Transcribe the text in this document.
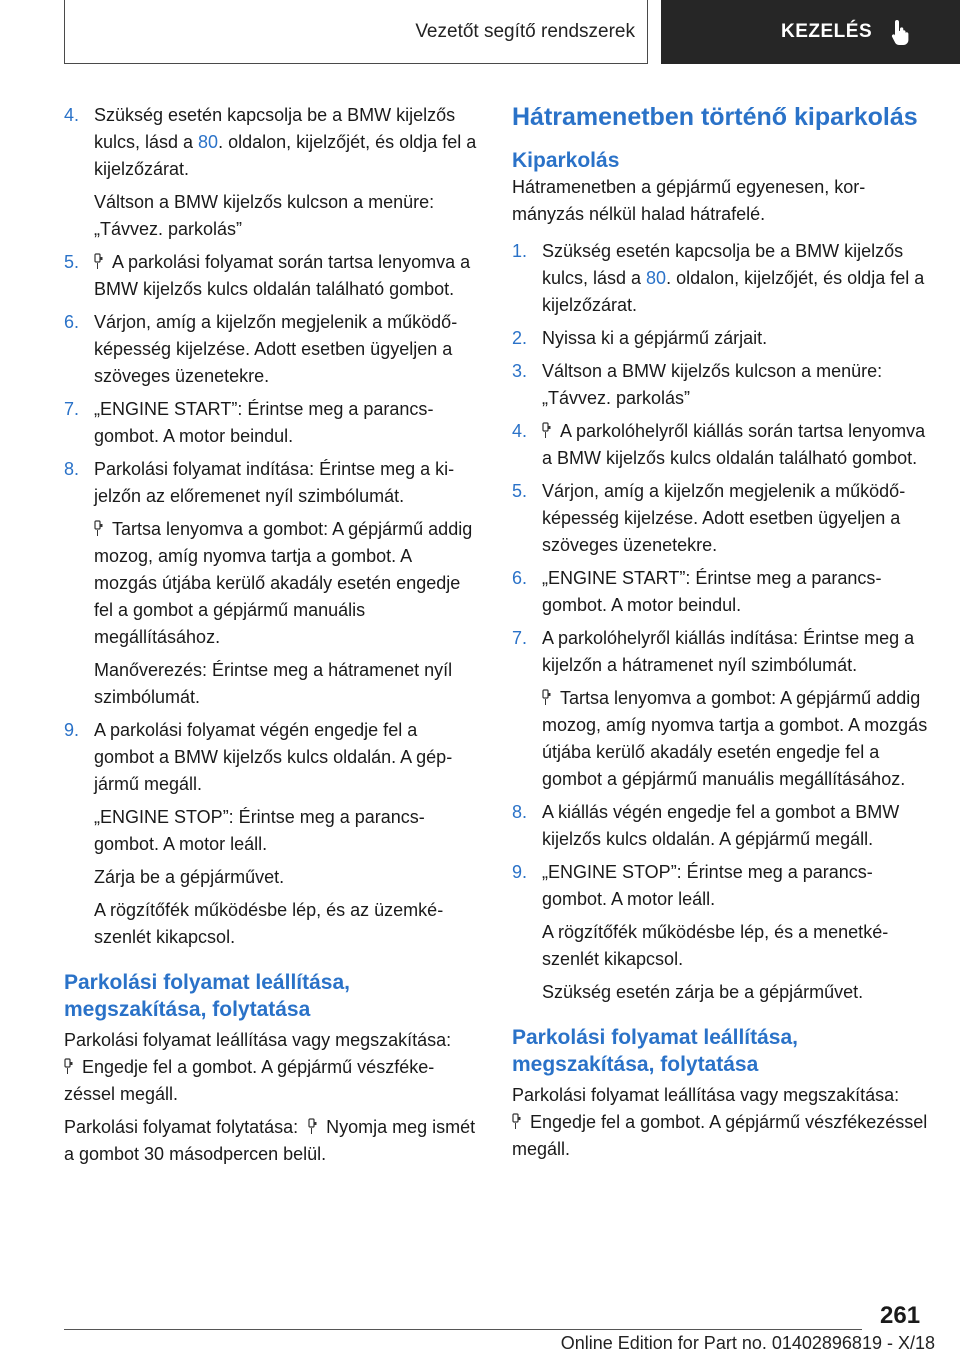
Vezetőt segítő rendszerek	KEZELÉS
4. Szükség esetén kapcsolja be a BMW kijelzős kulcs, lásd a 80. oldalon, kijelzőjét, és oldja fel a kijelzőzárat.

Váltson a BMW kijelzős kulcson a menüre: „Távvez. parkolás”

5.	A parkolási folyamat során tartsa lenyomva a BMW kijelzős kulcs oldalán található gombot.

6. Várjon, amíg a kijelzőn megjelenik a működőképesség kijelzése. Adott esetben ügyeljen a szöveges üzenetekre.

7. „ENGINE START”: Érintse meg a parancsgombot. A motor beindul.

8. Parkolási folyamat indítása: Érintse meg a kijelzőn az előremenet nyíl szimbólumát.

Tartsa lenyomva a gombot: A gépjármű addig mozog, amíg nyomva tartja a gombot. A mozgás útjába kerülő akadály esetén engedje fel a gombot a gépjármű manuális megállításához.

Manőverezés: Érintse meg a hátramenet nyíl szimbólumát.

9. A parkolási folyamat végén engedje fel a gombot a BMW kijelzős kulcs oldalán. A gépjármű megáll.

„ENGINE STOP”: Érintse meg a parancsgombot. A motor leáll.

Zárja be a gépjárművet.

A rögzítőfék működésbe lép, és az üzemkészenlét kikapcsol.

Parkolási folyamat leállítása, megszakítása, folytatása

Parkolási folyamat leállítása vagy megszakítása:
Engedje fel a gombot. A gépjármű vészfékezéssel megáll.

Parkolási folyamat folytatása: Nyomja meg ismét a gombot 30 másodpercen belül.

Hátramenetben történő kiparkolás
Kiparkolás

Hátramenetben a gépjármű egyenesen, kormányzás nélkül halad hátrafelé.

1. Szükség esetén kapcsolja be a BMW kijelzős kulcs, lásd a 80. oldalon, kijelzőjét, és oldja fel a kijelzőzárat.

2. Nyissa ki a gépjármű zárjait.

3. Váltson a BMW kijelzős kulcson a menüre: „Távvez. parkolás”

4.	A parkolóhelyről kiállás során tartsa lenyomva a BMW kijelzős kulcs oldalán található gombot.

5. Várjon, amíg a kijelzőn megjelenik a működőképesség kijelzése. Adott esetben ügyeljen a szöveges üzenetekre.

6. „ENGINE START”: Érintse meg a parancsgombot. A motor beindul.

7. A parkolóhelyről kiállás indítása: Érintse meg a kijelzőn a hátramenet nyíl szimbólumát.

Tartsa lenyomva a gombot: A gépjármű addig mozog, amíg nyomva tartja a gombot. A mozgás útjába kerülő akadály esetén engedje fel a gombot a gépjármű manuális megállításához.

8. A kiállás végén engedje fel a gombot a BMW kijelzős kulcs oldalán. A gépjármű megáll.

9. „ENGINE STOP”: Érintse meg a parancsgombot. A motor leáll.

A rögzítőfék működésbe lép, és a menetkészenlét kikapcsol.

Szükség esetén zárja be a gépjárművet.

Parkolási folyamat leállítása, megszakítása, folytatása

Parkolási folyamat leállítása vagy megszakítása:
Engedje fel a gombot. A gépjármű vészfékezéssel megáll.

261
Online Edition for Part no. 01402896819 - X/18
